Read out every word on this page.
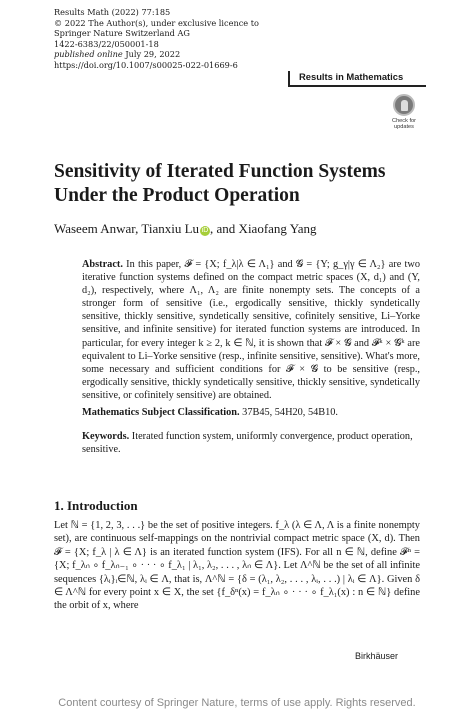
Results Math (2022) 77:185
© 2022 The Author(s), under exclusive licence to
Springer Nature Switzerland AG
1422-6383/22/050001-18
published online July 29, 2022
https://doi.org/10.1007/s00025-022-01669-6
Results in Mathematics
Check for
updates
Sensitivity of Iterated Function Systems Under the Product Operation
Waseem Anwar, Tianxiu Lu iD , and Xiaofang Yang
Abstract. In this paper, 𝓕 = {X; f_λ|λ ∈ Λ₁} and 𝓖 = {Y; g_γ|γ ∈ Λ₂} are two iterative function systems defined on the compact metric spaces (X, d₁) and (Y, d₂), respectively, where Λ₁, Λ₂ are finite nonempty sets. The concepts of a stronger form of sensitive (i.e., ergodically sensitive, thickly syndetically sensitive, thickly sensitive, syndetically sensitive, cofinitely sensitive, Li–Yorke sensitive, and infinite sensitive) for iterated function systems are introduced. In particular, for every integer k ≥ 2, k ∈ ℕ, it is shown that 𝓕 × 𝓖 and 𝓕ᵏ × 𝓖ᵏ are equivalent to Li–Yorke sensitive (resp., infinite sensitive, sensitive). What's more, some necessary and sufficient conditions for 𝓕 × 𝓖 to be sensitive (resp., ergodically sensitive, thickly syndetically sensitive, thickly sensitive, syndetically sensitive, or cofinitely sensitive) are obtained.
Mathematics Subject Classification. 37B45, 54H20, 54B10.
Keywords. Iterated function system, uniformly convergence, product operation, sensitive.
1. Introduction
Let ℕ = {1, 2, 3, . . .} be the set of positive integers. f_λ (λ ∈ Λ, Λ is a finite nonempty set), are continuous self-mappings on the nontrivial compact metric space (X, d). Then 𝓕 = {X; f_λ | λ ∈ Λ} is an iterated function system (IFS). For all n ∈ ℕ, define 𝓕ⁿ = {X; f_λₙ ∘ f_λₙ₋₁ ∘ · · · ∘ f_λ₁ | λ₁, λ₂, . . . , λₙ ∈ Λ}. Let Λ^ℕ be the set of all infinite sequences {λᵢ}ᵢ∈ℕ, λᵢ ∈ Λ, that is, Λ^ℕ = {δ = (λ₁, λ₂, . . . , λᵢ, . . .) | λᵢ ∈ Λ}. Given δ ∈ Λ^ℕ for every point x ∈ X, the set {f_δⁿ(x) = f_λₙ ∘ · · · ∘ f_λ₁(x) : n ∈ ℕ} define the orbit of x, where
Birkhäuser
Content courtesy of Springer Nature, terms of use apply. Rights reserved.
